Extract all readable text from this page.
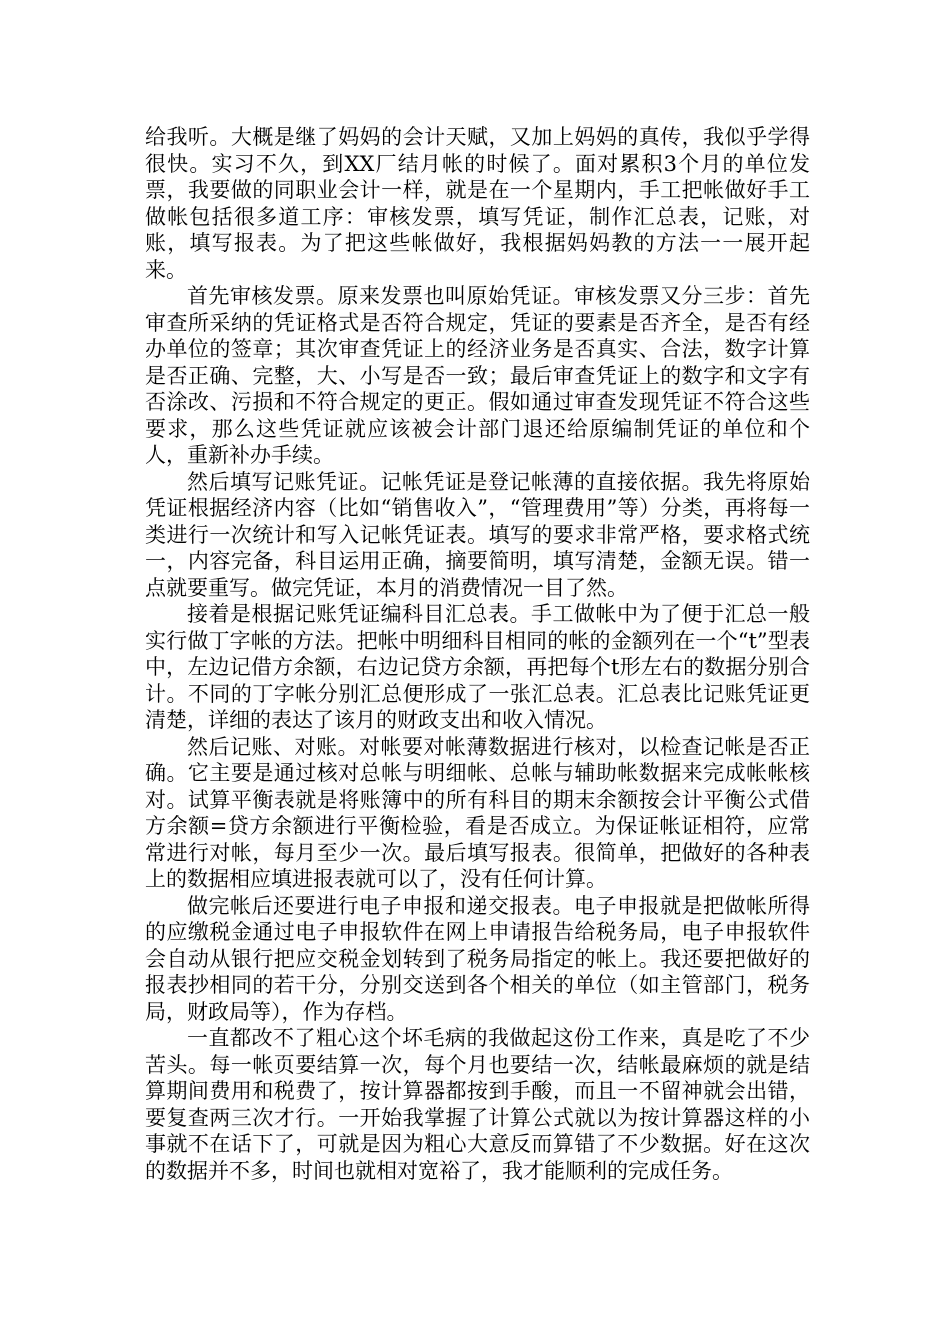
给我听。大概是继了妈妈的会计天赋，又加上妈妈的真传，我似乎学得很快。实习不久，到XX厂结月帐的时候了。面对累积3个月的单位发票，我要做的同职业会计一样，就是在一个星期内，手工把帐做好手工做帐包括很多道工序：审核发票，填写凭证，制作汇总表，记账，对账，填写报表。为了把这些帐做好，我根据妈妈教的方法一一展开起来。

首先审核发票。原来发票也叫原始凭证。审核发票又分三步：首先审查所采纳的凭证格式是否符合规定，凭证的要素是否齐全，是否有经办单位的签章；其次审查凭证上的经济业务是否真实、合法，数字计算是否正确、完整，大、小写是否一致；最后审查凭证上的数字和文字有否涂改、污损和不符合规定的更正。假如通过审查发现凭证不符合这些要求，那么这些凭证就应该被会计部门退还给原编制凭证的单位和个人，重新补办手续。

然后填写记账凭证。记帐凭证是登记帐薄的直接依据。我先将原始凭证根据经济内容（比如“销售收入”，“管理费用”等）分类，再将每一类进行一次统计和写入记帐凭证表。填写的要求非常严格，要求格式统一，内容完备，科目运用正确，摘要简明，填写清楚，金额无误。错一点就要重写。做完凭证，本月的消费情况一目了然。

接着是根据记账凭证编科目汇总表。手工做帐中为了便于汇总一般实行做丁字帐的方法。把帐中明细科目相同的帐的金额列在一个“t”型表中，左边记借方余额，右边记贷方余额，再把每个t形左右的数据分别合计。不同的丁字帐分别汇总便形成了一张汇总表。汇总表比记账凭证更清楚，详细的表达了该月的财政支出和收入情况。

然后记账、对账。对帐要对帐薄数据进行核对，以检查记帐是否正确。它主要是通过核对总帐与明细帐、总帐与辅助帐数据来完成帐帐核对。试算平衡表就是将账簿中的所有科目的期末余额按会计平衡公式借方余额=贷方余额进行平衡检验，看是否成立。为保证帐证相符，应常常进行对帐，每月至少一次。最后填写报表。很简单，把做好的各种表上的数据相应填进报表就可以了，没有任何计算。

做完帐后还要进行电子申报和递交报表。电子申报就是把做帐所得的应缴税金通过电子申报软件在网上申请报告给税务局，电子申报软件会自动从银行把应交税金划转到了税务局指定的帐上。我还要把做好的报表抄相同的若干分，分别交送到各个相关的单位（如主管部门，税务局，财政局等），作为存档。

一直都改不了粗心这个坏毛病的我做起这份工作来，真是吃了不少苦头。每一帐页要结算一次，每个月也要结一次，结帐最麻烦的就是结算期间费用和税费了，按计算器都按到手酸，而且一不留神就会出错，要复查两三次才行。一开始我掌握了计算公式就以为按计算器这样的小事就不在话下了，可就是因为粗心大意反而算错了不少数据。好在这次的数据并不多，时间也就相对宽裕了，我才能顺利的完成任务。
